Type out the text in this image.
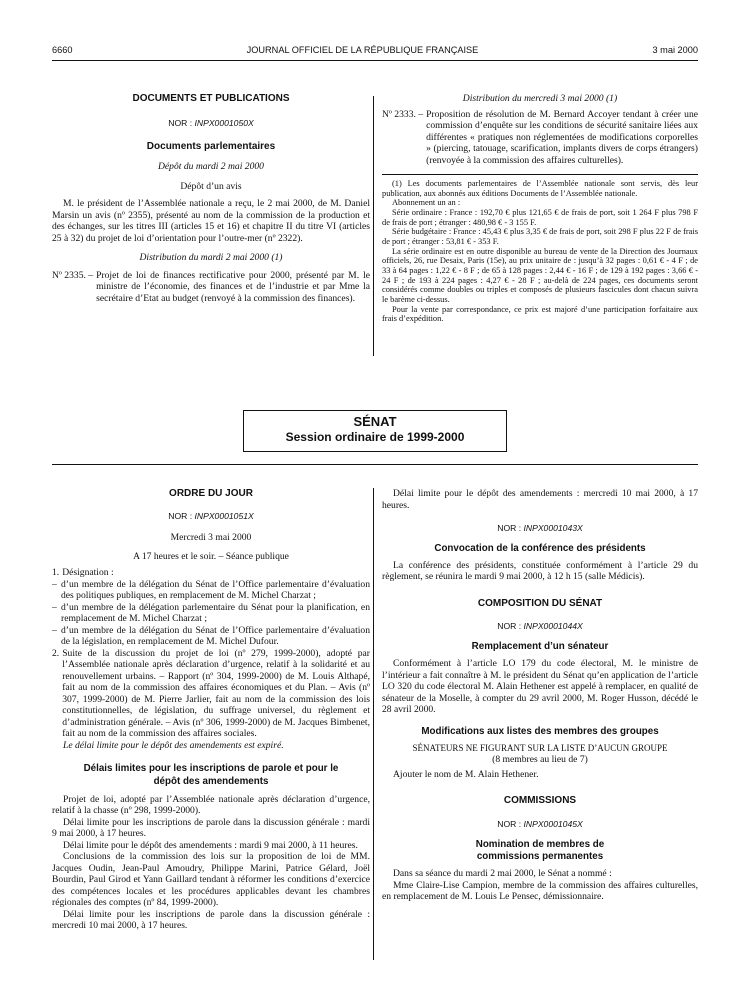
6660	JOURNAL OFFICIEL DE LA RÉPUBLIQUE FRANÇAISE	3 mai 2000
DOCUMENTS ET PUBLICATIONS
NOR : INPX0001050X
Documents parlementaires
Dépôt du mardi 2 mai 2000
Dépôt d’un avis

M. le président de l’Assemblée nationale a reçu, le 2 mai 2000, de M. Daniel Marsin un avis (nº 2355), présenté au nom de la commission de la production et des échanges, sur les titres III (articles 15 et 16) et chapitre II du titre VI (articles 25 à 32) du projet de loi d’orientation pour l’outre-mer (nº 2322).

Distribution du mardi 2 mai 2000 (1)
Nº 2335. – Projet de loi de finances rectificative pour 2000, présenté par M. le ministre de l’économie, des finances et de l’industrie et par Mme la secrétaire d’Etat au budget (renvoyé à la commission des finances).
Distribution du mercredi 3 mai 2000 (1)
Nº 2333. – Proposition de résolution de M. Bernard Accoyer tendant à créer une commission d’enquête sur les conditions de sécurité sanitaire liées aux différentes « pratiques non réglementées de modifications corporelles » (piercing, tatouage, scarification, implants divers de corps étrangers) (renvoyée à la commission des affaires culturelles).

(1) Les documents parlementaires de l’Assemblée nationale sont servis, dès leur publication, aux abonnés aux éditions Documents de l’Assemblée nationale.

Abonnement un an :

Série ordinaire : France : 192,70 € plus 121,65 € de frais de port, soit 1 264 F plus 798 F de frais de port ; étranger : 480,98 € - 3 155 F.

Série budgétaire : France : 45,43 € plus 3,35 € de frais de port, soit 298 F plus 22 F de frais de port ; étranger : 53,81 € - 353 F.

La série ordinaire est en outre disponible au bureau de vente de la Direction des Journaux officiels, 26, rue Desaix, Paris (15e), au prix unitaire de : jusqu’à 32 pages : 0,61 € - 4 F ; de 33 à 64 pages : 1,22 € - 8 F ; de 65 à 128 pages : 2,44 € - 16 F ; de 129 à 192 pages : 3,66 € - 24 F ; de 193 à 224 pages : 4,27 € - 28 F ; au-delà de 224 pages, ces documents seront considérés comme doubles ou triples et composés de plusieurs fascicules dont chacun suivra le barème ci-dessus.

Pour la vente par correspondance, ce prix est majoré d’une participation forfaitaire aux frais d’expédition.

SÉNAT
Session ordinaire de 1999-2000
ORDRE DU JOUR
NOR : INPX0001051X
Mercredi 3 mai 2000
A 17 heures et le soir. – Séance publique
1. Désignation :
– d’un membre de la délégation du Sénat de l’Office parlementaire d’évaluation des politiques publiques, en remplacement de M. Michel Charzat ;
– d’un membre de la délégation parlementaire du Sénat pour la planification, en remplacement de M. Michel Charzat ;
– d’un membre de la délégation du Sénat de l’Office parlementaire d’évaluation de la législation, en remplacement de M. Michel Dufour.
2. Suite de la discussion du projet de loi (nº 279, 1999-2000), adopté par l’Assemblée nationale après déclaration d’urgence, relatif à la solidarité et au renouvellement urbains. – Rapport (nº 304, 1999-2000) de M. Louis Althapé, fait au nom de la commission des affaires économiques et du Plan. – Avis (nº 307, 1999-2000) de M. Pierre Jarlier, fait au nom de la commission des lois constitutionnelles, de législation, du suffrage universel, du règlement et d’administration générale. – Avis (nº 306, 1999-2000) de M. Jacques Bimbenet, fait au nom de la commission des affaires sociales.

Le délai limite pour le dépôt des amendements est expiré.

Délais limites pour les inscriptions de parole et pour le dépôt des amendements

Projet de loi, adopté par l’Assemblée nationale après déclaration d’urgence, relatif à la chasse (nº 298, 1999-2000).

Délai limite pour les inscriptions de parole dans la discussion générale : mardi 9 mai 2000, à 17 heures.

Délai limite pour le dépôt des amendements : mardi 9 mai 2000, à 11 heures.

Conclusions de la commission des lois sur la proposition de loi de MM. Jacques Oudin, Jean-Paul Amoudry, Philippe Marini, Patrice Gélard, Joël Bourdin, Paul Girod et Yann Gaillard tendant à réformer les conditions d’exercice des compétences locales et les procédures applicables devant les chambres régionales des comptes (nº 84, 1999-2000).

Délai limite pour les inscriptions de parole dans la discussion générale : mercredi 10 mai 2000, à 17 heures.

Délai limite pour le dépôt des amendements : mercredi 10 mai 2000, à 17 heures.

NOR : INPX0001043X
Convocation de la conférence des présidents

La conférence des présidents, constituée conformément à l’article 29 du règlement, se réunira le mardi 9 mai 2000, à 12 h 15 (salle Médicis).

COMPOSITION DU SÉNAT
NOR : INPX0001044X
Remplacement d’un sénateur

Conformément à l’article LO 179 du code électoral, M. le ministre de l’intérieur a fait connaître à M. le président du Sénat qu’en application de l’article LO 320 du code électoral M. Alain Hethener est appelé à remplacer, en qualité de sénateur de la Moselle, à compter du 29 avril 2000, M. Roger Husson, décédé le 28 avril 2000.

Modifications aux listes des membres des groupes
SÉNATEURS NE FIGURANT SUR LA LISTE D’AUCUN GROUPE
(8 membres au lieu de 7)

Ajouter le nom de M. Alain Hethener.

COMMISSIONS
NOR : INPX0001045X
Nomination de membres de commissions permanentes

Dans sa séance du mardi 2 mai 2000, le Sénat a nommé :

Mme Claire-Lise Campion, membre de la commission des affaires culturelles, en remplacement de M. Louis Le Pensec, démissionnaire.
